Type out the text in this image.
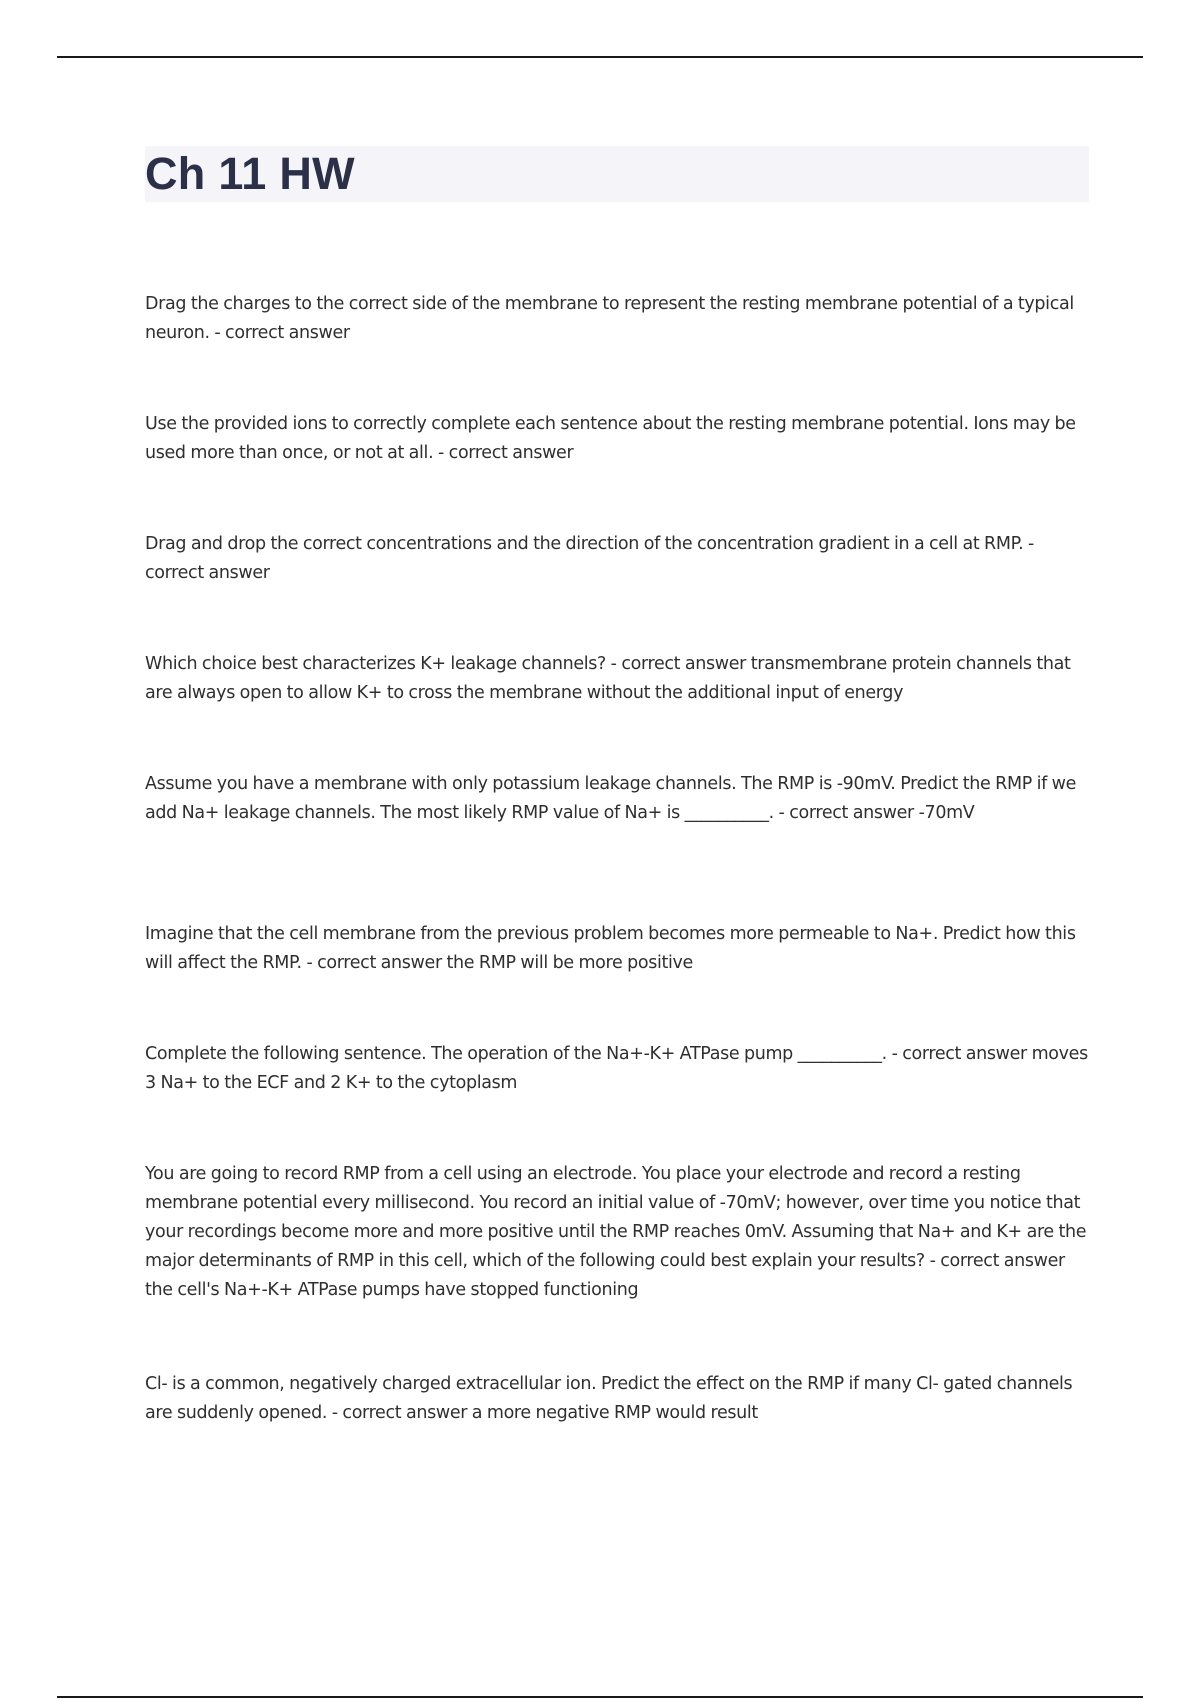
Ch 11 HW

Drag the charges to the correct side of the membrane to represent the resting membrane potential of a typical neuron. - correct answer

Use the provided ions to correctly complete each sentence about the resting membrane potential. Ions may be used more than once, or not at all. - correct answer

Drag and drop the correct concentrations and the direction of the concentration gradient in a cell at RMP. - correct answer

Which choice best characterizes K+ leakage channels? - correct answer transmembrane protein channels that are always open to allow K+ to cross the membrane without the additional input of energy

Assume you have a membrane with only potassium leakage channels. The RMP is -90mV. Predict the RMP if we add Na+ leakage channels. The most likely RMP value of Na+ is __________. - correct answer -70mV

Imagine that the cell membrane from the previous problem becomes more permeable to Na+. Predict how this will affect the RMP. - correct answer the RMP will be more positive

Complete the following sentence. The operation of the Na+-K+ ATPase pump __________. - correct answer moves 3 Na+ to the ECF and 2 K+ to the cytoplasm

You are going to record RMP from a cell using an electrode. You place your electrode and record a resting membrane potential every millisecond. You record an initial value of -70mV; however, over time you notice that your recordings become more and more positive until the RMP reaches 0mV. Assuming that Na+ and K+ are the major determinants of RMP in this cell, which of the following could best explain your results? - correct answer the cell's Na+-K+ ATPase pumps have stopped functioning

Cl- is a common, negatively charged extracellular ion. Predict the effect on the RMP if many Cl- gated channels are suddenly opened. - correct answer a more negative RMP would result
